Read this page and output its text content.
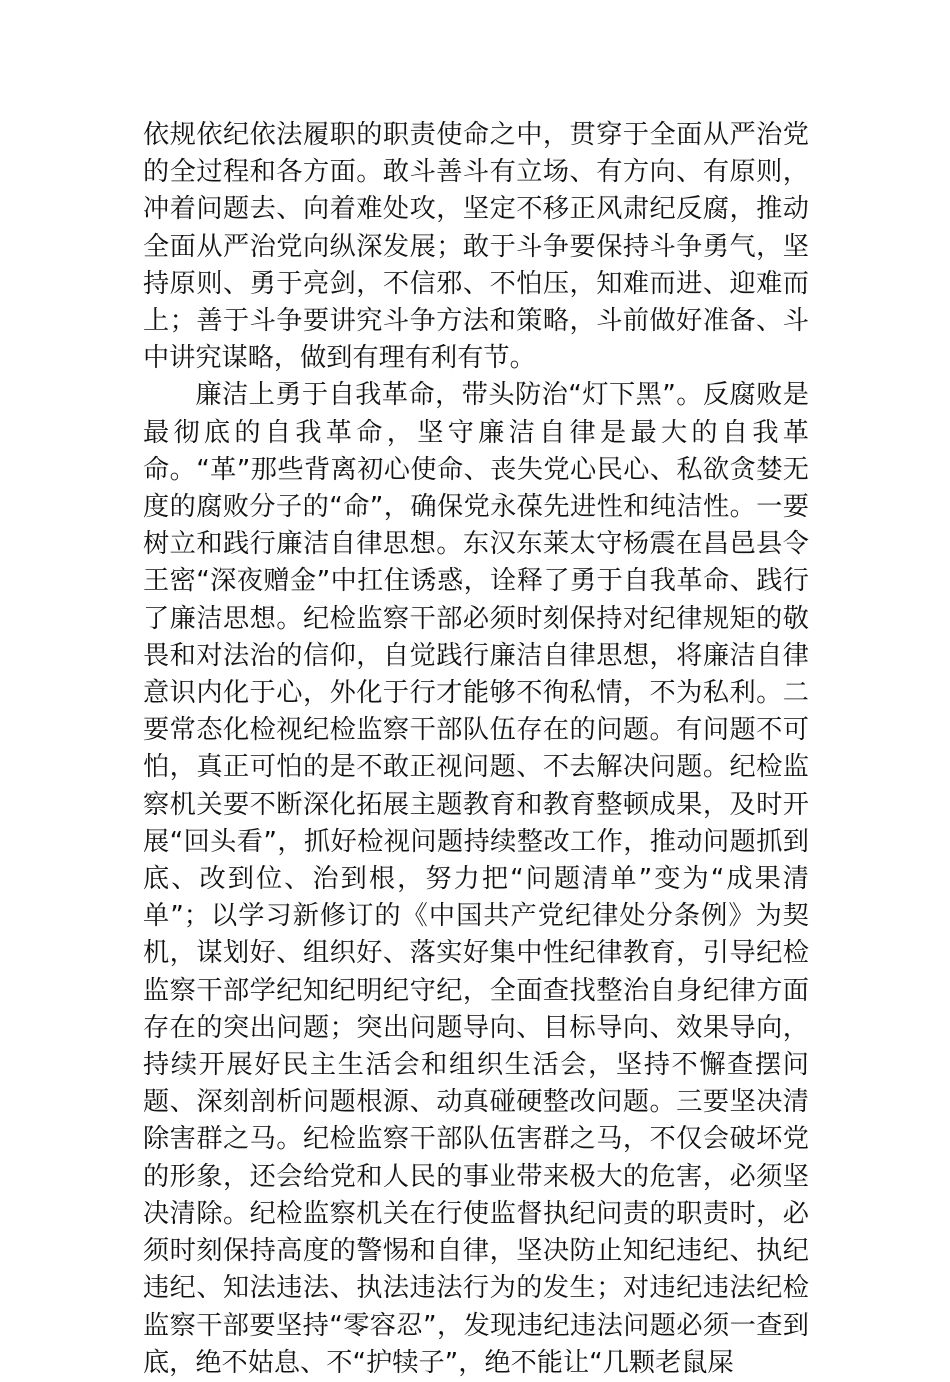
依规依纪依法履职的职责使命之中，贯穿于全面从严治党的全过程和各方面。敢斗善斗有立场、有方向、有原则，冲着问题去、向着难处攻，坚定不移正风肃纪反腐，推动全面从严治党向纵深发展；敢于斗争要保持斗争勇气，坚持原则、勇于亮剑，不信邪、不怕压，知难而进、迎难而上；善于斗争要讲究斗争方法和策略，斗前做好准备、斗中讲究谋略，做到有理有利有节。

廉洁上勇于自我革命，带头防治“灯下黑”。反腐败是最彻底的自我革命，坚守廉洁自律是最大的自我革命。“革”那些背离初心使命、丧失党心民心、私欲贪婪无度的腐败分子的“命”，确保党永葆先进性和纯洁性。一要树立和践行廉洁自律思想。东汉东莱太守杨震在昌邑县令王密“深夜赠金”中扛住诱惑，诠释了勇于自我革命、践行了廉洁思想。纪检监察干部必须时刻保持对纪律规矩的敬畏和对法治的信仰，自觉践行廉洁自律思想，将廉洁自律意识内化于心，外化于行才能够不徇私情，不为私利。二要常态化检视纪检监察干部队伍存在的问题。有问题不可怕，真正可怕的是不敢正视问题、不去解决问题。纪检监察机关要不断深化拓展主题教育和教育整顿成果，及时开展“回头看”，抓好检视问题持续整改工作，推动问题抓到底、改到位、治到根，努力把“问题清单”变为“成果清单”；以学习新修订的《中国共产党纪律处分条例》为契机，谋划好、组织好、落实好集中性纪律教育，引导纪检监察干部学纪知纪明纪守纪，全面查找整治自身纪律方面存在的突出问题；突出问题导向、目标导向、效果导向，持续开展好民主生活会和组织生活会，坚持不懈查摆问题、深刻剖析问题根源、动真碰硬整改问题。三要坚决清除害群之马。纪检监察干部队伍害群之马，不仅会破坏党的形象，还会给党和人民的事业带来极大的危害，必须坚决清除。纪检监察机关在行使监督执纪问责的职责时，必须时刻保持高度的警惕和自律，坚决防止知纪违纪、执纪违纪、知法违法、执法违法行为的发生；对违纪违法纪检监察干部要坚持“零容忍”，发现违纪违法问题必须一查到底，绝不姑息、不“护犊子”，绝不能让“几颗老鼠屎
